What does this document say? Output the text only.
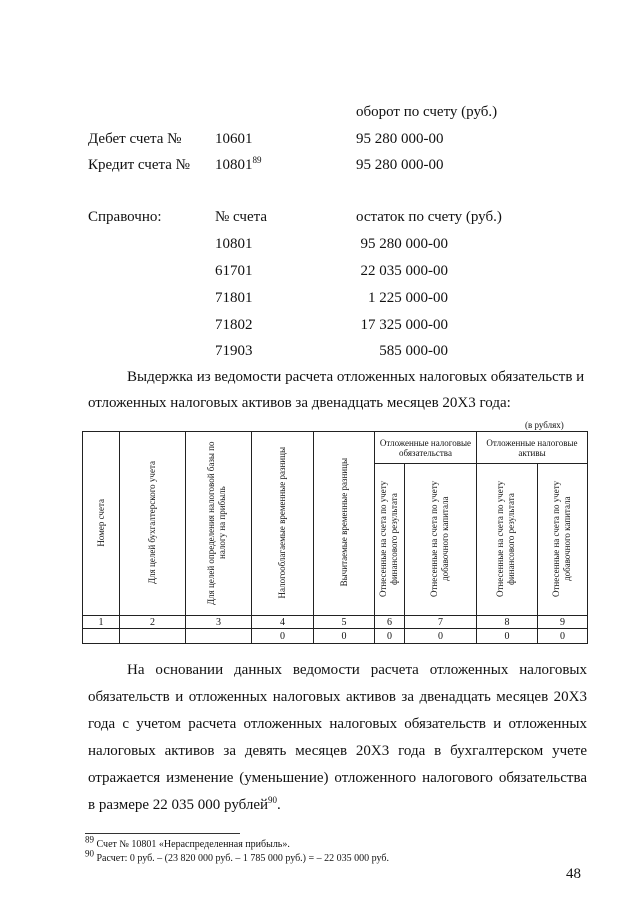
оборот по счету (руб.)
Дебет счета № 10601	95 280 000-00
Кредит счета № 10801$^{89}$	95 280 000-00
Справочно:	№ счета	остаток по счету (руб.)
10801	95 280 000-00
61701	22 035 000-00
71801	1 225 000-00
71802	17 325 000-00
71903	585 000-00
Выдержка из ведомости расчета отложенных налоговых обязательств и
отложенных налоговых активов за двенадцать месяцев 20Х3 года:
(в рублях)
Номер счета	Для целей бухгалтерского учета	Для целей определения налоговой базы по налогу на прибыль	Налогооблагаемые временные разницы	Вычитаемые временные разницы	Отложенные налоговые обязательства		Отложенные налоговые активы	
					Отнесенные на счета по учету финансового результата	Отнесенные на счета по учету добавочного капитала	Отнесенные на счета по учету финансового результата	Отнесенные на счета по учету добавочного капитала
1	2	3	4	5	6	7	8	9
			0	0	0	0	0	0
На основании данных ведомости расчета отложенных налоговых
обязательств и отложенных налоговых активов за двенадцать месяцев 20Х3
года с учетом расчета отложенных налоговых обязательств и отложенных
налоговых активов за девять месяцев 20Х3 года в бухгалтерском учете
отражается изменение (уменьшение) отложенного налогового обязательства
в размере 22 035 000 рублей$^{90}$.
$^{89}$ Счет № 10801 «Нераспределенная прибыль».
$^{90}$ Расчет: 0 руб. – (23 820 000 руб. – 1 785 000 руб.) = – 22 035 000 руб.
48
